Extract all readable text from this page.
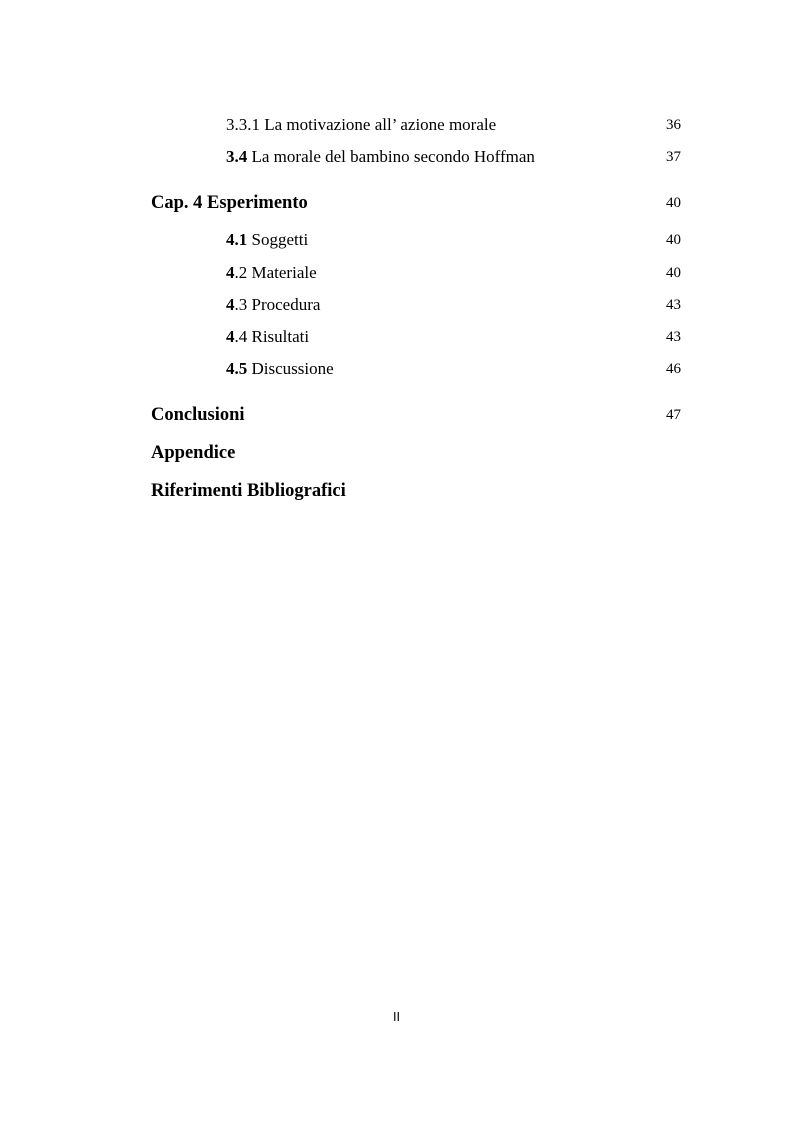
3.3.1 La motivazione all’ azione morale	36
3.4 La morale del bambino secondo Hoffman	37
Cap. 4 Esperimento	40
4.1 Soggetti	40
4.2 Materiale	40
4.3 Procedura	43
4.4 Risultati	43
4.5 Discussione	46
Conclusioni	47
Appendice
Riferimenti Bibliografici
II
